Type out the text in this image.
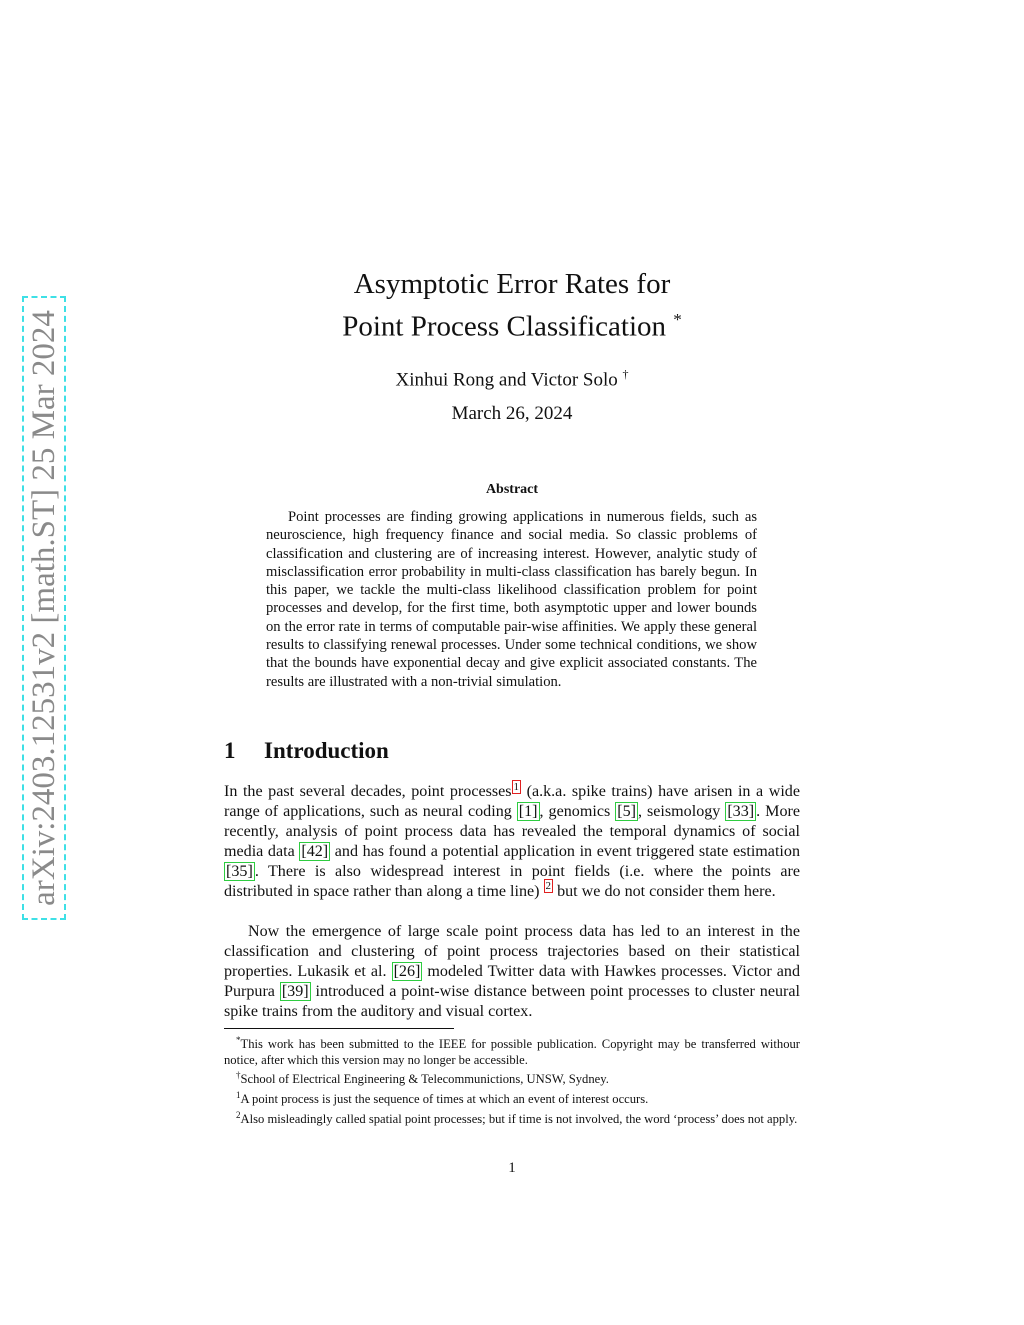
arXiv:2403.12531v2 [math.ST] 25 Mar 2024
Asymptotic Error Rates for
Point Process Classification *
Xinhui Rong and Victor Solo †
March 26, 2024
Abstract

Point processes are finding growing applications in numerous fields, such as neuroscience, high frequency finance and social media. So classic problems of classification and clustering are of increasing interest. However, analytic study of misclassification error probability in multi-class classification has barely begun. In this paper, we tackle the multi-class likelihood classification problem for point processes and develop, for the first time, both asymptotic upper and lower bounds on the error rate in terms of computable pair-wise affinities. We apply these general results to classifying renewal processes. Under some technical conditions, we show that the bounds have exponential decay and give explicit associated constants. The results are illustrated with a non-trivial simulation.

1 Introduction

In the past several decades, point processes $^1$ (a.k.a. spike trains) have arisen in a wide range of applications, such as neural coding [1] , genomics [5] , seismology [33] . More recently, analysis of point process data has revealed the temporal dynamics of social media data [42] and has found a potential application in event triggered state estimation [35] . There is also widespread interest in point fields (i.e. where the points are distributed in space rather than along a time line) $^2$ but we do not consider them here.

Now the emergence of large scale point process data has led to an interest in the classification and clustering of point process trajectories based on their statistical properties. Lukasik et al. [26] modeled Twitter data with Hawkes processes. Victor and Purpura [39] introduced a point-wise distance between point processes to cluster neural spike trains from the auditory and visual cortex.

*This work has been submitted to the IEEE for possible publication. Copyright may be transferred withour notice, after which this version may no longer be accessible.

†School of Electrical Engineering & Telecommunictions, UNSW, Sydney.

$^1$A point process is just the sequence of times at which an event of interest occurs.

$^2$Also misleadingly called spatial point processes; but if time is not involved, the word ‘process’ does not apply.

1
